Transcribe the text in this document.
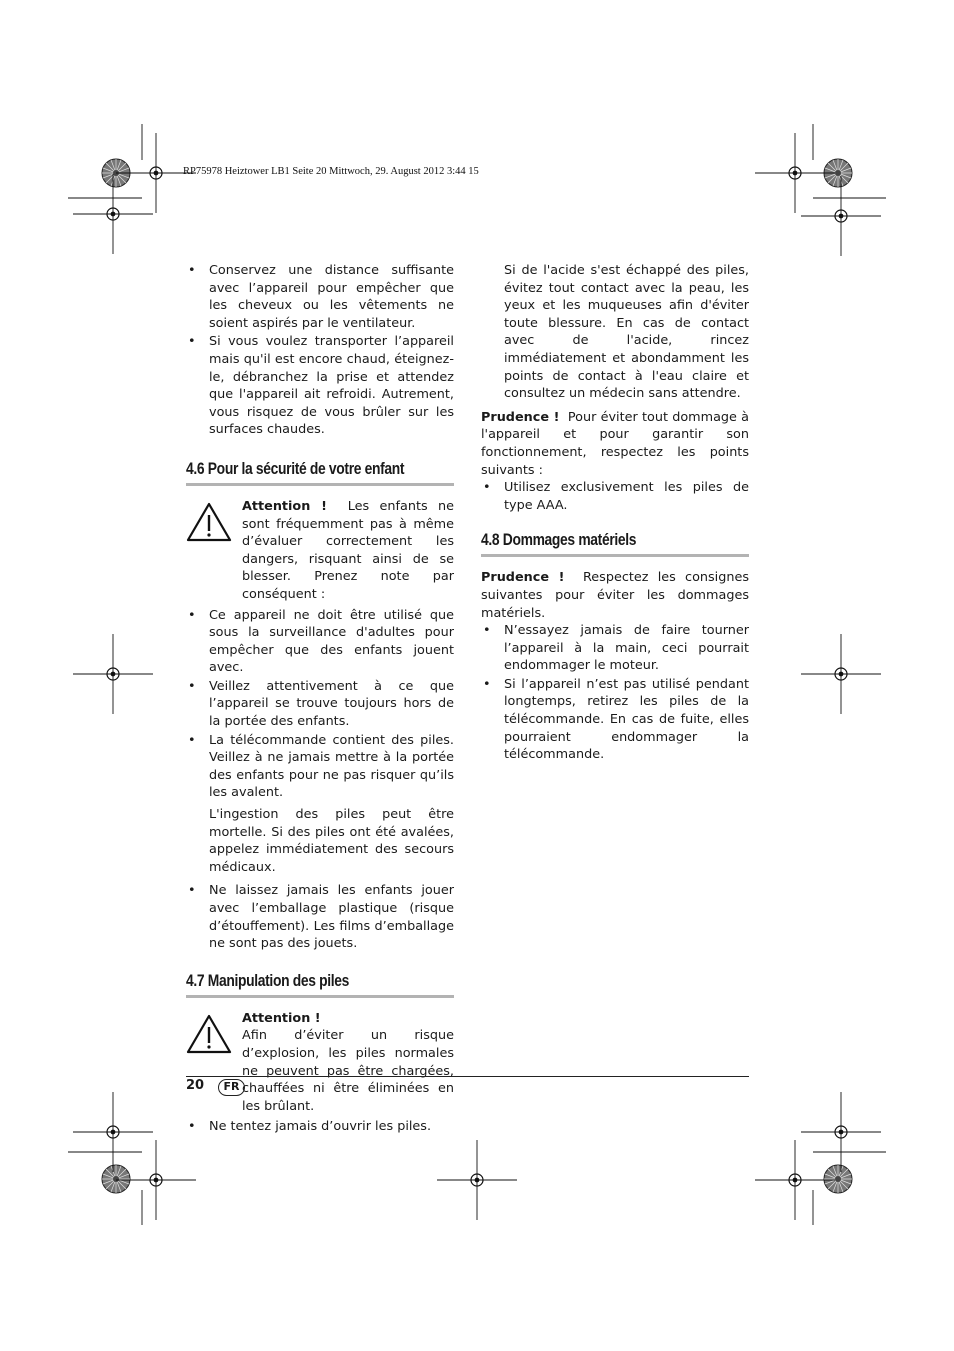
RP75978 Heiztower LB1 Seite 20 Mittwoch, 29. August 2012 3:44 15
• Conservez une distance suffisante avec l’appareil pour empêcher que les cheveux ou les vêtements ne soient aspirés par le ventilateur.
• Si vous voulez transporter l’appareil mais qu'il est encore chaud, éteignez-le, débranchez la prise et attendez que l'appareil ait refroidi. Autrement, vous risquez de vous brûler sur les surfaces chaudes.
4.6 Pour la sécurité de votre enfant

Attention ! Les enfants ne sont fréquemment pas à même d’évaluer correctement les dangers, risquant ainsi de se blesser. Prenez note par conséquent :

• Ce appareil ne doit être utilisé que sous la surveillance d'adultes pour empêcher que des enfants jouent avec.
• Veillez attentivement à ce que l’appareil se trouve toujours hors de la portée des enfants.
• La télécommande contient des piles. Veillez à ne jamais mettre à la portée des enfants pour ne pas risquer qu’ils les avalent.

L'ingestion des piles peut être mortelle. Si des piles ont été avalées, appelez immédiatement des secours médicaux.

• Ne laissez jamais les enfants jouer avec l’emballage plastique (risque d’étouffement). Les films d’emballage ne sont pas des jouets.
4.7 Manipulation des piles
Attention !

Afin d’éviter un risque d’explosion, les piles normales ne peuvent pas être chargées, chauffées ni être éliminées en les brûlant.

• Ne tentez jamais d’ouvrir les piles.

Si de l'acide s'est échappé des piles, évitez tout contact avec la peau, les yeux et les muqueuses afin d'éviter toute blessure. En cas de contact avec de l'acide, rincez immédiatement et abondamment les points de contact à l'eau claire et consultez un médecin sans attendre.

Prudence ! Pour éviter tout dommage à l'appareil et pour garantir son fonctionnement, respectez les points suivants :

• Utilisez exclusivement les piles de type AAA.
4.8 Dommages matériels

Prudence ! Respectez les consignes suivantes pour éviter les dommages matériels.

• N’essayez jamais de faire tourner l’appareil à la main, ceci pourrait endommager le moteur.
• Si l’appareil n’est pas utilisé pendant longtemps, retirez les piles de la télécommande. En cas de fuite, elles pourraient endommager la télécommande.
20	FR
